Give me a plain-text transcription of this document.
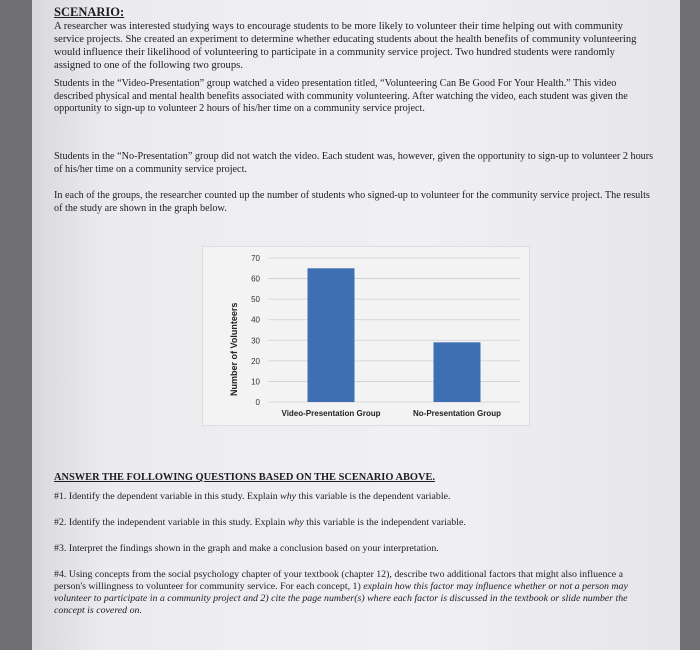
SCENARIO:
A researcher was interested studying ways to encourage students to be more likely to volunteer their time helping out with community service projects. She created an experiment to determine whether educating students about the health benefits of community volunteering would influence their likelihood of volunteering to participate in a community service project. Two hundred students were randomly assigned to one of the following two groups.
Students in the “Video-Presentation” group watched a video presentation titled, “Volunteering Can Be Good For Your Health.” This video described physical and mental health benefits associated with community volunteering. After watching the video, each student was given the opportunity to sign-up to volunteer 2 hours of his/her time on a community service project.
Students in the “No-Presentation” group did not watch the video. Each student was, however, given the opportunity to sign-up to volunteer 2 hours of his/her time on a community service project.
In each of the groups, the researcher counted up the number of students who signed-up to volunteer for the community service project. The results of the study are shown in the graph below.
0
10
20
30
40
50
60
70
Video-Presentation Group	No-Presentation Group
Number of Volunteers
ANSWER THE FOLLOWING QUESTIONS BASED ON THE SCENARIO ABOVE.
#1. Identify the dependent variable in this study. Explain why this variable is the dependent variable.
#2. Identify the independent variable in this study. Explain why this variable is the independent variable.
#3. Interpret the findings shown in the graph and make a conclusion based on your interpretation.
#4. Using concepts from the social psychology chapter of your textbook (chapter 12), describe two additional factors that might also influence a person's willingness to volunteer for community service. For each concept, 1) explain how this factor may influence whether or not a person may volunteer to participate in a community project and 2) cite the page number(s) where each factor is discussed in the textbook or slide number the concept is covered on.
